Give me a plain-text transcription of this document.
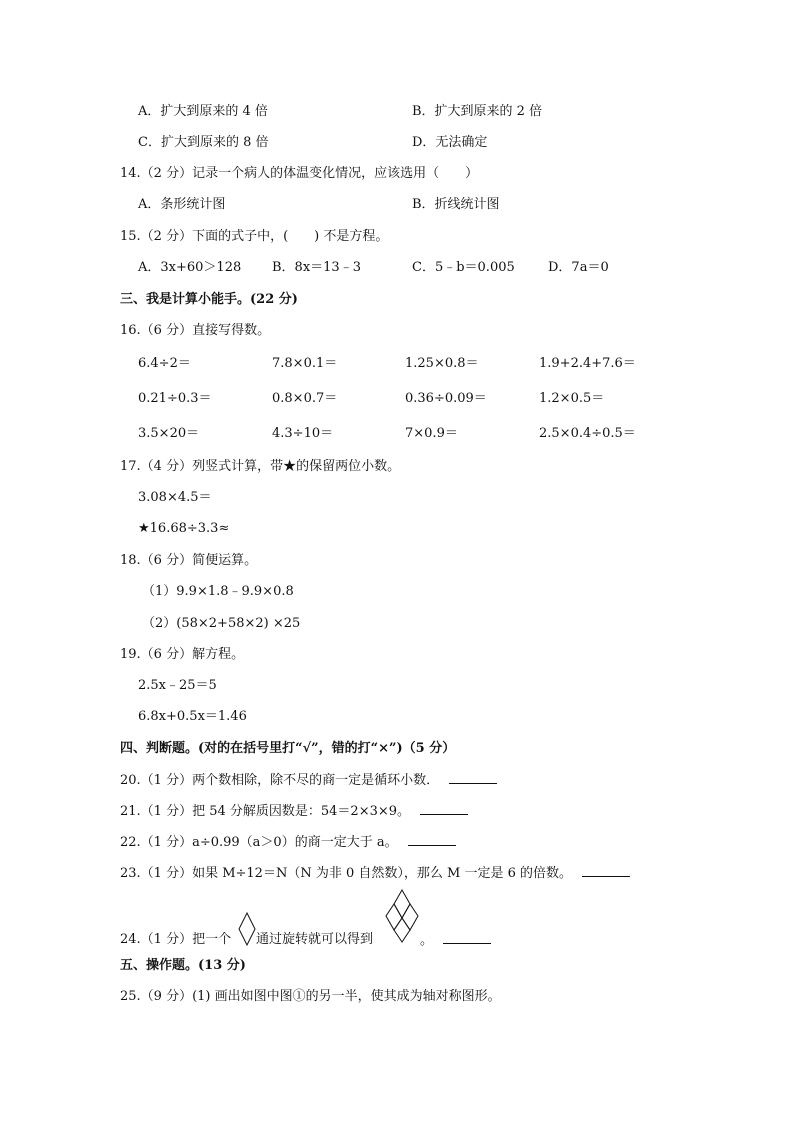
A．扩大到原来的 4 倍	B．扩大到原来的 2 倍
C．扩大到原来的 8 倍	D．无法确定
14.（2 分）记录一个病人的体温变化情况，应该选用（　　）
A．条形统计图	B．折线统计图
15.（2 分）下面的式子中，(　　) 不是方程。
A．3x+60＞128 B．8x＝13﹣3	C．5﹣b＝0.005	D．7a＝0
三、我是计算小能手。(22 分)
16.（6 分）直接写得数。
6.4÷2＝	7.8×0.1＝	1.25×0.8＝	1.9+2.4+7.6＝
0.21÷0.3＝	0.8×0.7＝	0.36÷0.09＝	1.2×0.5＝
3.5×20＝	4.3÷10＝	7×0.9＝	2.5×0.4÷0.5＝
17.（4 分）列竖式计算，带★的保留两位小数。
3.08×4.5＝
★16.68÷3.3≈
18.（6 分）简便运算。
（1）9.9×1.8﹣9.9×0.8
（2）(58×2+58×2) ×25
19.（6 分）解方程。
2.5x﹣25＝5
6.8x+0.5x＝1.46
四、判断题。(对的在括号里打“√”，错的打“×”)（5 分）
20.（1 分）两个数相除，除不尽的商一定是循环小数．
21.（1 分）把 54 分解质因数是：54＝2×3×9。
22.（1 分）a÷0.99（a＞0）的商一定大于 a。
23.（1 分）如果 M÷12＝N（N 为非 0 自然数），那么 M 一定是 6 的倍数。
24.（1 分）把一个 通过旋转就可以得到	。
五、操作题。(13 分)
25.（9 分）(1) 画出如图中图①的另一半，使其成为轴对称图形。
